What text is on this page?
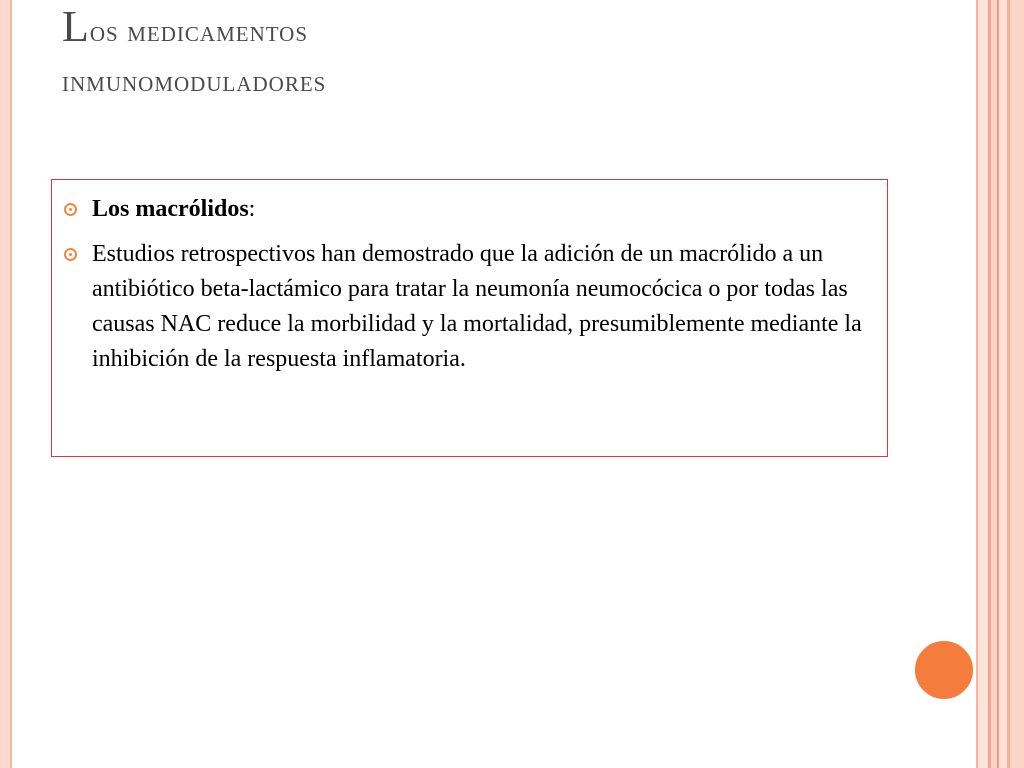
Los medicamentos
inmunomoduladores
Los macrólidos:
Estudios retrospectivos han demostrado que la adición de un macrólido a un antibiótico beta-lactámico para tratar la neumonía neumocócica o por todas las causas NAC reduce la morbilidad y la mortalidad, presumiblemente mediante la inhibición de la respuesta inflamatoria.
